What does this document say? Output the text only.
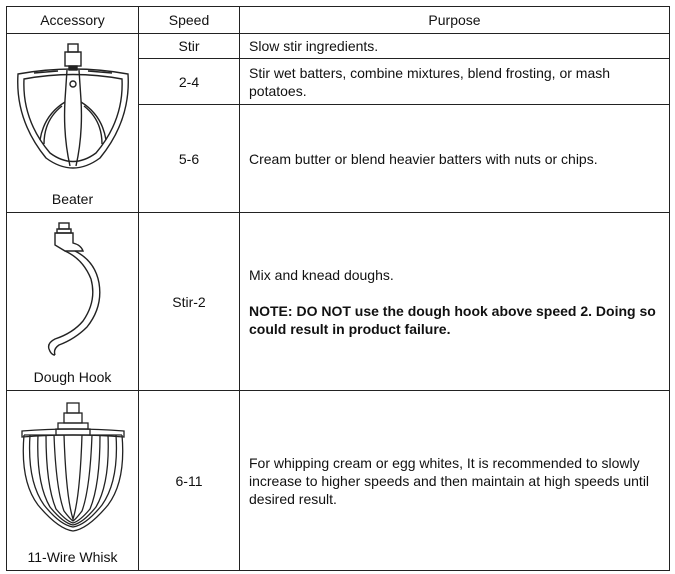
Accessory	Speed	Purpose

Beater	Stir	Slow stir ingredients.
	2-4	Stir wet batters, combine mixtures, blend frosting, or mash potatoes.
	5-6	Cream butter or blend heavier batters with nuts or chips.

Dough Hook	Stir-2	Mix and knead doughs.

NOTE: DO NOT use the dough hook above speed 2. Doing so could result in product failure.

11-Wire Whisk	6-11	For whipping cream or egg whites, It is recommended to slowly increase to higher speeds and then maintain at high speeds until desired result.
